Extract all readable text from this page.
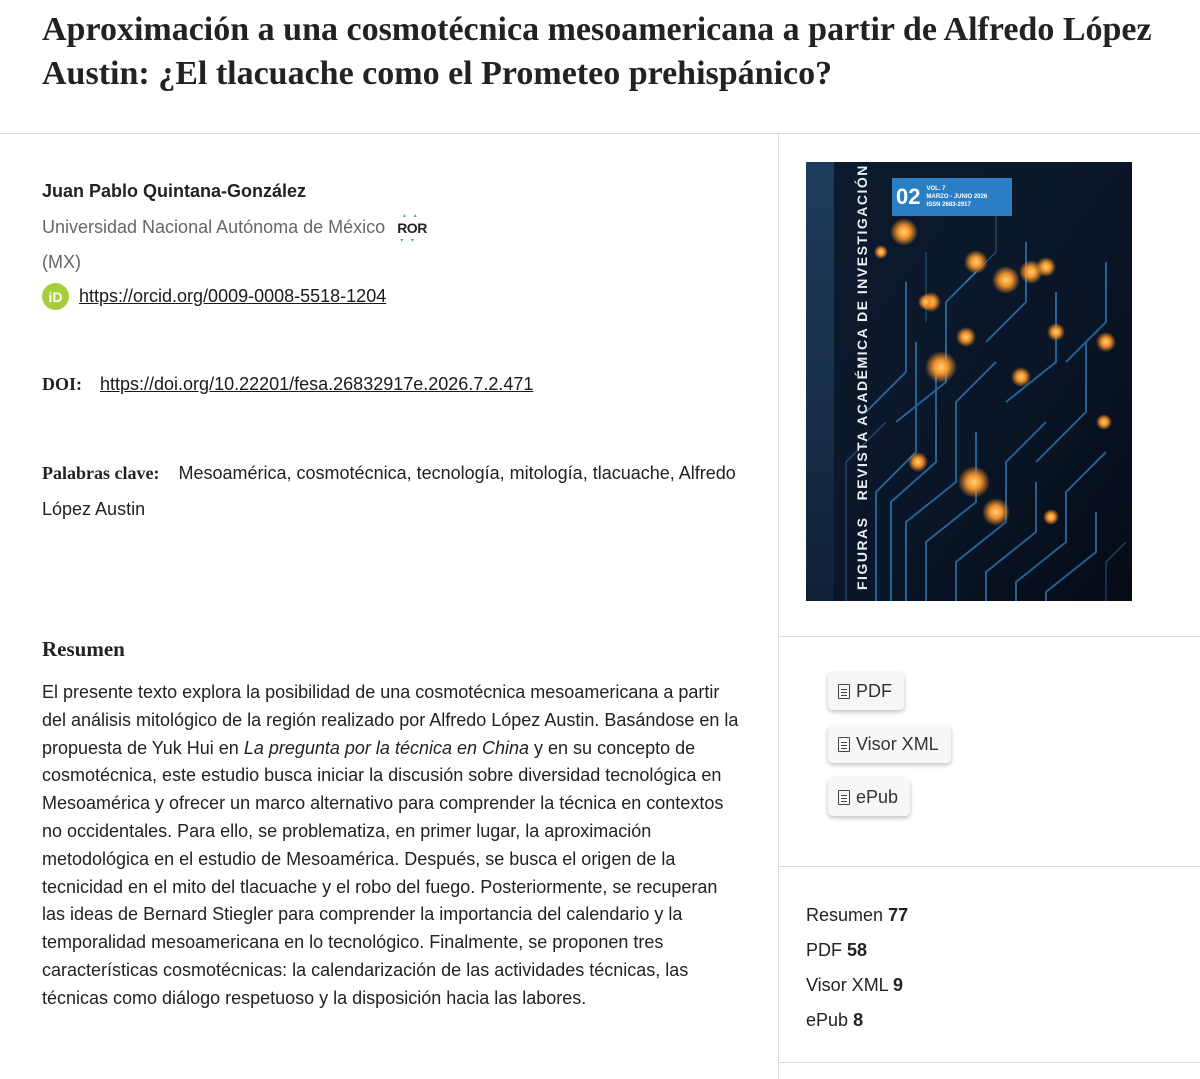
Aproximación a una cosmotécnica mesoamericana a partir de Alfredo López Austin: ¿El tlacuache como el Prometeo prehispánico?
Juan Pablo Quintana-González
Universidad Nacional Autónoma de México
▾ ▾ ROR ▾ ▾
(MX)
iD https://orcid.org/0009-0008-5518-1204
DOI: https://doi.org/10.22201/fesa.26832917e.2026.7.2.471
Palabras clave: Mesoamérica, cosmotécnica, tecnología, mitología, tlacuache, Alfredo López Austin
Resumen

El presente texto explora la posibilidad de una cosmotécnica mesoamericana a partir del análisis mitológico de la región realizado por Alfredo López Austin. Basándose en la propuesta de Yuk Hui en La pregunta por la técnica en China y en su concepto de cosmotécnica, este estudio busca iniciar la discusión sobre diversidad tecnológica en Mesoamérica y ofrecer un marco alternativo para comprender la técnica en contextos no occidentales. Para ello, se problematiza, en primer lugar, la aproximación metodológica en el estudio de Mesoamérica. Después, se busca el origen de la tecnicidad en el mito del tlacuache y el robo del fuego. Posteriormente, se recuperan las ideas de Bernard Stiegler para comprender la importancia del calendario y la temporalidad mesoamericana en lo tecnológico. Finalmente, se proponen tres características cosmotécnicas: la calendarización de las actividades técnicas, las técnicas como diálogo respetuoso y la disposición hacia las labores.

FIGURAS   REVISTA ACADÉMICA DE INVESTIGACIÓN 02 VOL. 7
MARZO - JUNIO 2026
ISSN 2683-2917
PDF
Visor XML
ePub
Resumen 77
PDF 58
Visor XML 9
ePub 8
